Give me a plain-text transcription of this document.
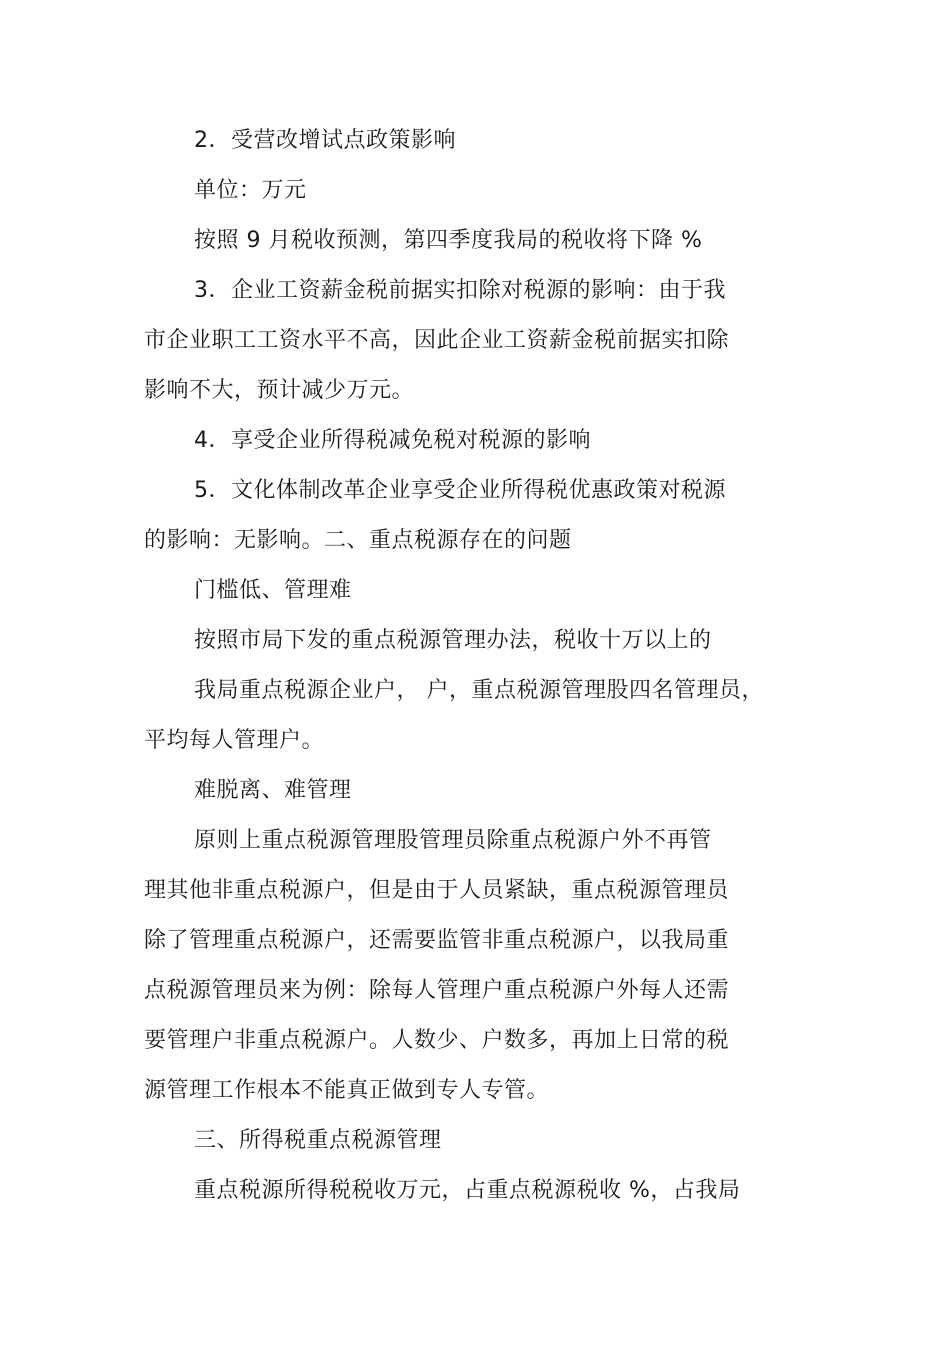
2．受营改增试点政策影响
单位：万元
按照 9 月税收预测，第四季度我局的税收将下降 %
3．企业工资薪金税前据实扣除对税源的影响：由于我
市企业职工工资水平不高，因此企业工资薪金税前据实扣除
影响不大，预计减少万元。
4．享受企业所得税减免税对税源的影响
5．文化体制改革企业享受企业所得税优惠政策对税源
的影响：无影响。二、重点税源存在的问题
门槛低、管理难
按照市局下发的重点税源管理办法，税收十万以上的
我局重点税源企业户， 户，重点税源管理股四名管理员，
平均每人管理户。
难脱离、难管理
原则上重点税源管理股管理员除重点税源户外不再管
理其他非重点税源户，但是由于人员紧缺，重点税源管理员
除了管理重点税源户，还需要监管非重点税源户，以我局重
点税源管理员来为例：除每人管理户重点税源户外每人还需
要管理户非重点税源户。人数少、户数多，再加上日常的税
源管理工作根本不能真正做到专人专管。
三、所得税重点税源管理
重点税源所得税税收万元，占重点税源税收 %，占我局
